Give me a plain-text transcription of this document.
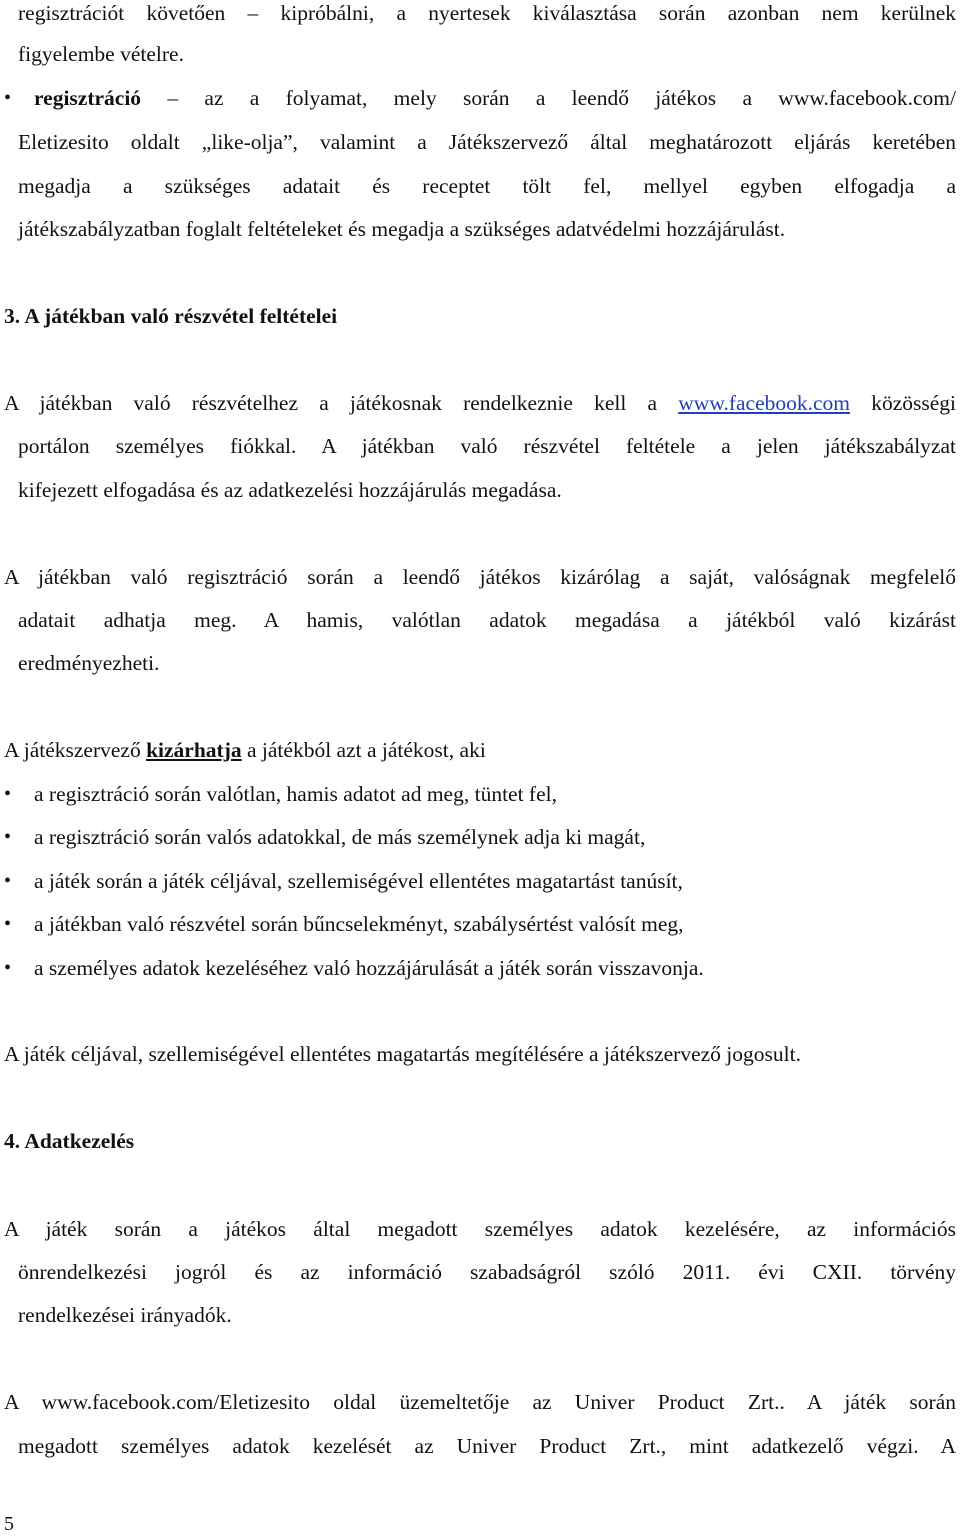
regisztrációt követően – kipróbálni, a nyertesek kiválasztása során azonban nem kerülnek
figyelembe vételre.
•	regisztráció – az a folyamat, mely során a leendő játékos a www.facebook.com/
Eletizesito oldalt „like-olja”, valamint a Játékszervező által meghatározott eljárás keretében
megadja a szükséges adatait és receptet tölt fel, mellyel egyben elfogadja a
játékszabályzatban foglalt feltételeket és megadja a szükséges adatvédelmi hozzájárulást.
3. A játékban való részvétel feltételei
A játékban való részvételhez a játékosnak rendelkeznie kell a www.facebook.com közösségi
portálon személyes fiókkal. A játékban való részvétel feltétele a jelen játékszabályzat
kifejezett elfogadása és az adatkezelési hozzájárulás megadása.
A játékban való regisztráció során a leendő játékos kizárólag a saját, valóságnak megfelelő
adatait adhatja meg. A hamis, valótlan adatok megadása a játékból való kizárást
eredményezheti.
A játékszervező kizárhatja a játékból azt a játékost, aki
•	a regisztráció során valótlan, hamis adatot ad meg, tüntet fel,
•	a regisztráció során valós adatokkal, de más személynek adja ki magát,
•	a játék során a játék céljával, szellemiségével ellentétes magatartást tanúsít,
•	a játékban való részvétel során bűncselekményt, szabálysértést valósít meg,
•	a személyes adatok kezeléséhez való hozzájárulását a játék során visszavonja.
A játék céljával, szellemiségével ellentétes magatartás megítélésére a játékszervező jogosult.
4. Adatkezelés
A játék során a játékos által megadott személyes adatok kezelésére, az információs
önrendelkezési jogról és az információ szabadságról szóló 2011. évi CXII. törvény
rendelkezései irányadók.
A www.facebook.com/Eletizesito oldal üzemeltetője az Univer Product Zrt.. A játék során
megadott személyes adatok kezelését az Univer Product Zrt., mint adatkezelő végzi. A
5
